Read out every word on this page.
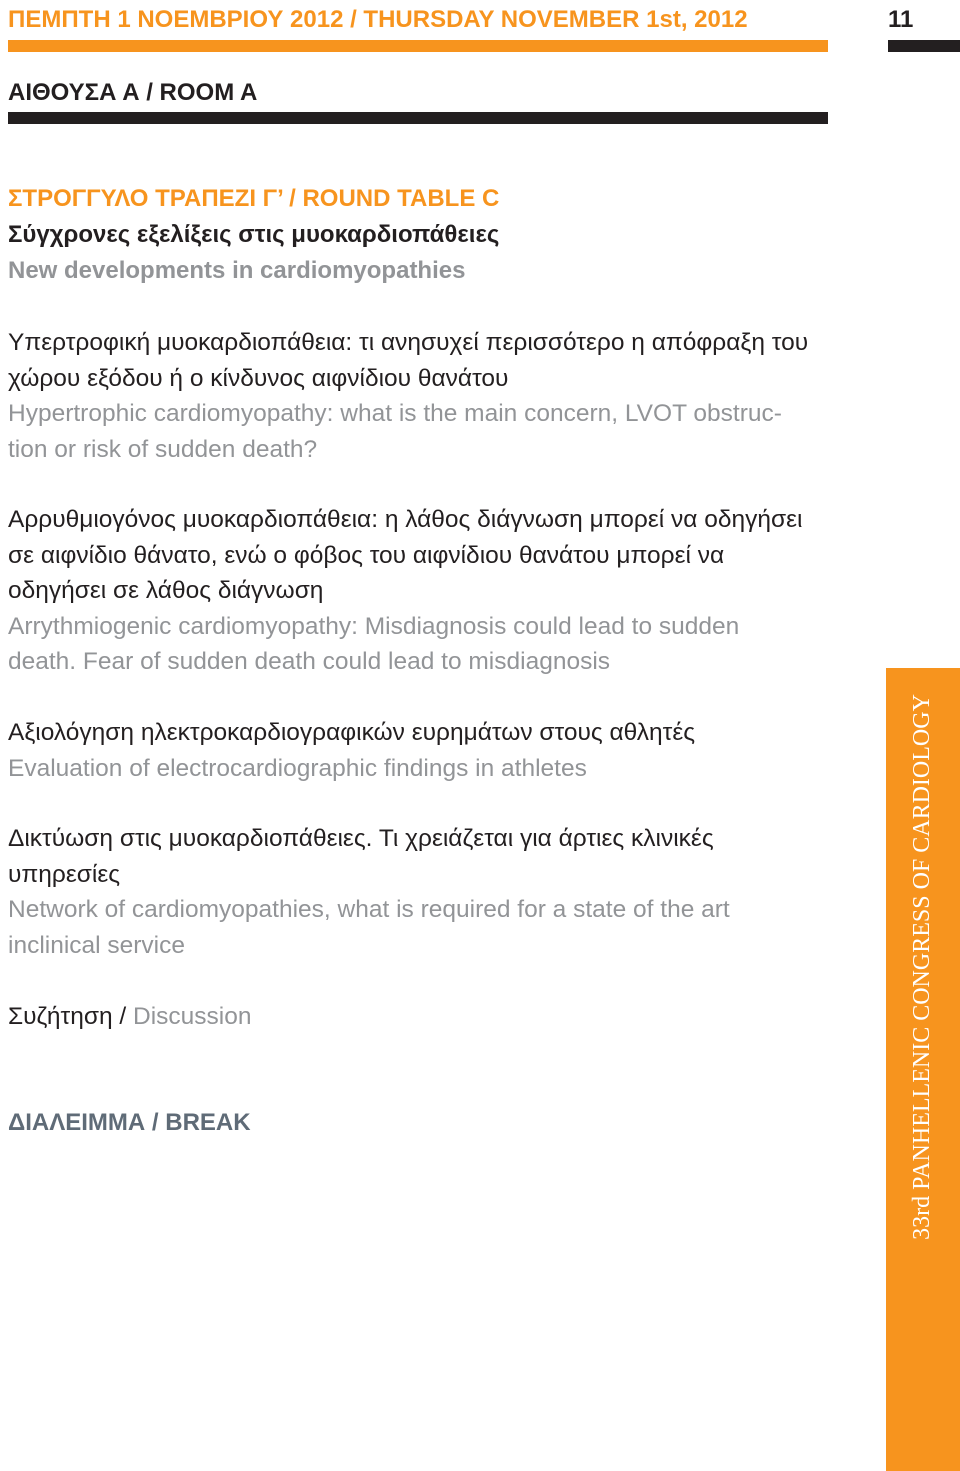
ΠΕΜΠΤΗ 1 ΝΟΕΜΒΡΙΟΥ 2012 / THURSDAY NOVEMBER 1st, 2012	11
ΑΙΘΟΥΣΑ Α / ROOM A
ΣΤΡΟΓΓΥΛΟ ΤΡΑΠΕΖΙ Γ’ / ROUND TABLE C
Σύγχρονες εξελίξεις στις μυοκαρδιοπάθειες
New developments in cardiomyopathies
Υπερτροφική μυοκαρδιοπάθεια: τι ανησυχεί περισσότερο η απόφραξη του
χώρου εξόδου ή ο κίνδυνος αιφνίδιου θανάτου
Hypertrophic cardiomyopathy: what is the main concern, LVOT obstruc-
tion or risk of sudden death?
Αρρυθμιογόνος μυοκαρδιοπάθεια: η λάθος διάγνωση μπορεί να οδηγήσει
σε αιφνίδιο θάνατο, ενώ ο φόβος του αιφνίδιου θανάτου μπορεί να
οδηγήσει σε λάθος διάγνωση
Arrythmiogenic cardiomyopathy: Misdiagnosis could lead to sudden
death. Fear of sudden death could lead to misdiagnosis
Αξιολόγηση ηλεκτροκαρδιογραφικών ευρημάτων στους αθλητές
Evaluation of electrocardiographic findings in athletes
Δικτύωση στις μυοκαρδιοπάθειες. Τι χρειάζεται για άρτιες κλινικές
υπηρεσίες
Network of cardiomyopathies, what is required for a state of the art
inclinical service
Συζήτηση / Discussion
ΔΙΑΛΕΙΜΜΑ / BREAK	33rd PANHELLENIC CONGRESS OF CARDIOLOGY
